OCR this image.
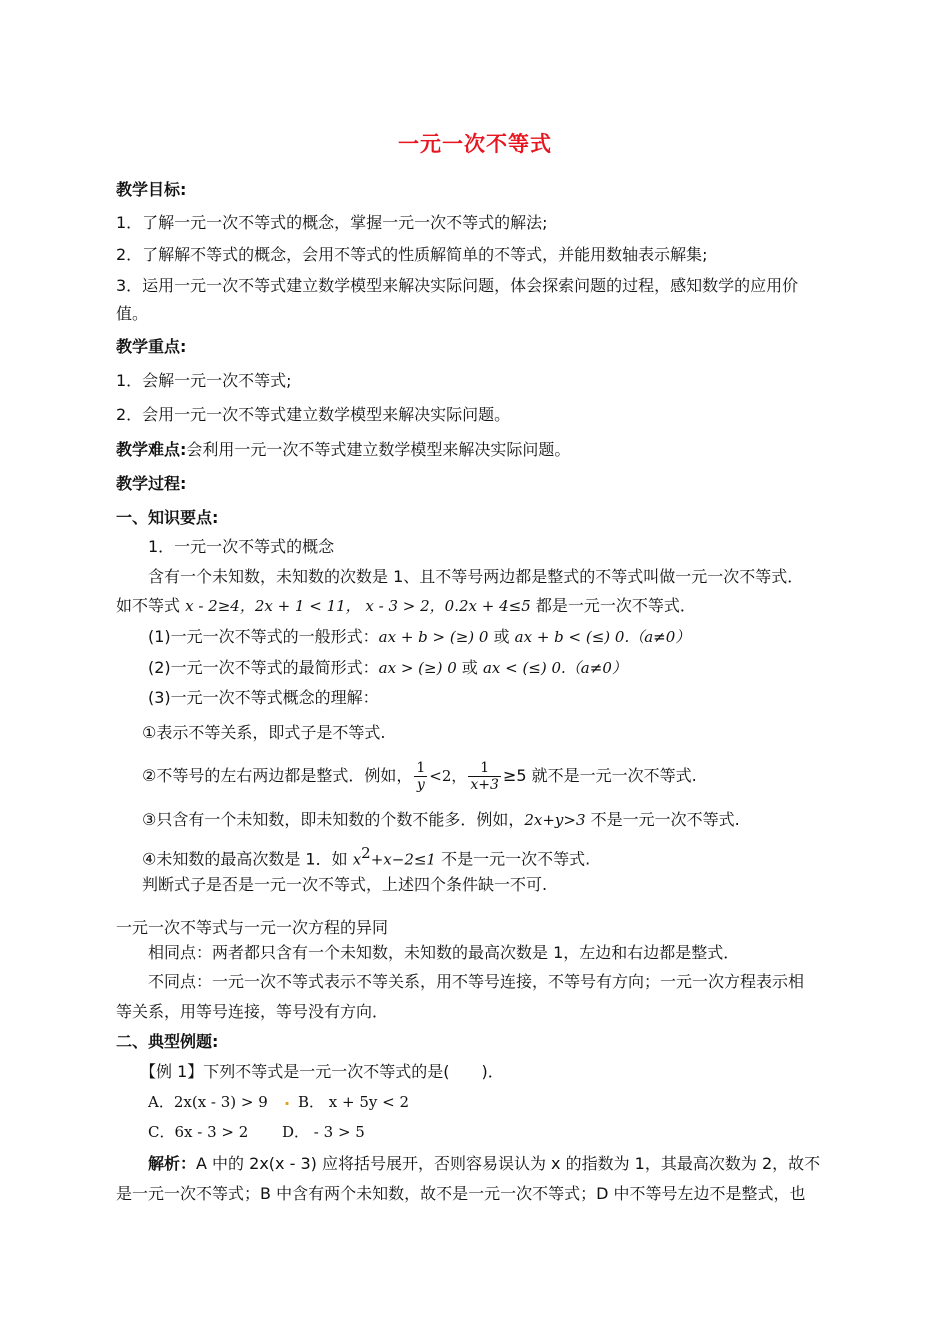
一元一次不等式
教学目标:
1．了解一元一次不等式的概念，掌握一元一次不等式的解法;
2．了解解不等式的概念，会用不等式的性质解简单的不等式，并能用数轴表示解集;
3．运用一元一次不等式建立数学模型来解决实际问题，体会探索问题的过程，感知数学的应用价
值。
教学重点:
1．会解一元一次不等式;
2．会用一元一次不等式建立数学模型来解决实际问题。
教学难点:会利用一元一次不等式建立数学模型来解决实际问题。
教学过程:
一、知识要点:
1．一元一次不等式的概念
含有一个未知数，未知数的次数是 1、且不等号两边都是整式的不等式叫做一元一次不等式．
如不等式 x - 2≥4，2x + 1 < 11， x - 3 > 2，0.2x + 4≤5 都是一元一次不等式．
(1)一元一次不等式的一般形式：ax + b > (≥) 0 或 ax + b < (≤) 0.（a≠0）
(2)一元一次不等式的最简形式：ax > (≥) 0 或 ax < (≤) 0.（a≠0）
(3)一元一次不等式概念的理解：
①表示不等关系，即式子是不等式.
②不等号的左右两边都是整式．例如， $\frac{1}{y} <2$， $\frac{1}{x+3} \ge 5$ 就不是一元一次不等式.
③只含有一个未知数，即未知数的个数不能多．例如，2x+y>3 不是一元一次不等式.
④未知数的最高次数是 1．如 $x^2+x-2\le 1$ 不是一元一次不等式.
判断式子是否是一元一次不等式，上述四个条件缺一不可.
一元一次不等式与一元一次方程的异同
相同点：两者都只含有一个未知数，未知数的最高次数是 1，左边和右边都是整式．
不同点：一元一次不等式表示不等关系，用不等号连接，不等号有方向；一元一次方程表示相
等关系，用等号连接，等号没有方向．
二、典型例题:
【例 1】下列不等式是一元一次不等式的是(　　)．
A．2x(x - 3) > 9 . B． x + 5y < 2
C．6x - 3 > 2 D． - 3 > 5
解析：A 中的 2x(x - 3) 应将括号展开，否则容易误认为 x 的指数为 1，其最高次数为 2，故不
是一元一次不等式；B 中含有两个未知数，故不是一元一次不等式；D 中不等号左边不是整式，也
